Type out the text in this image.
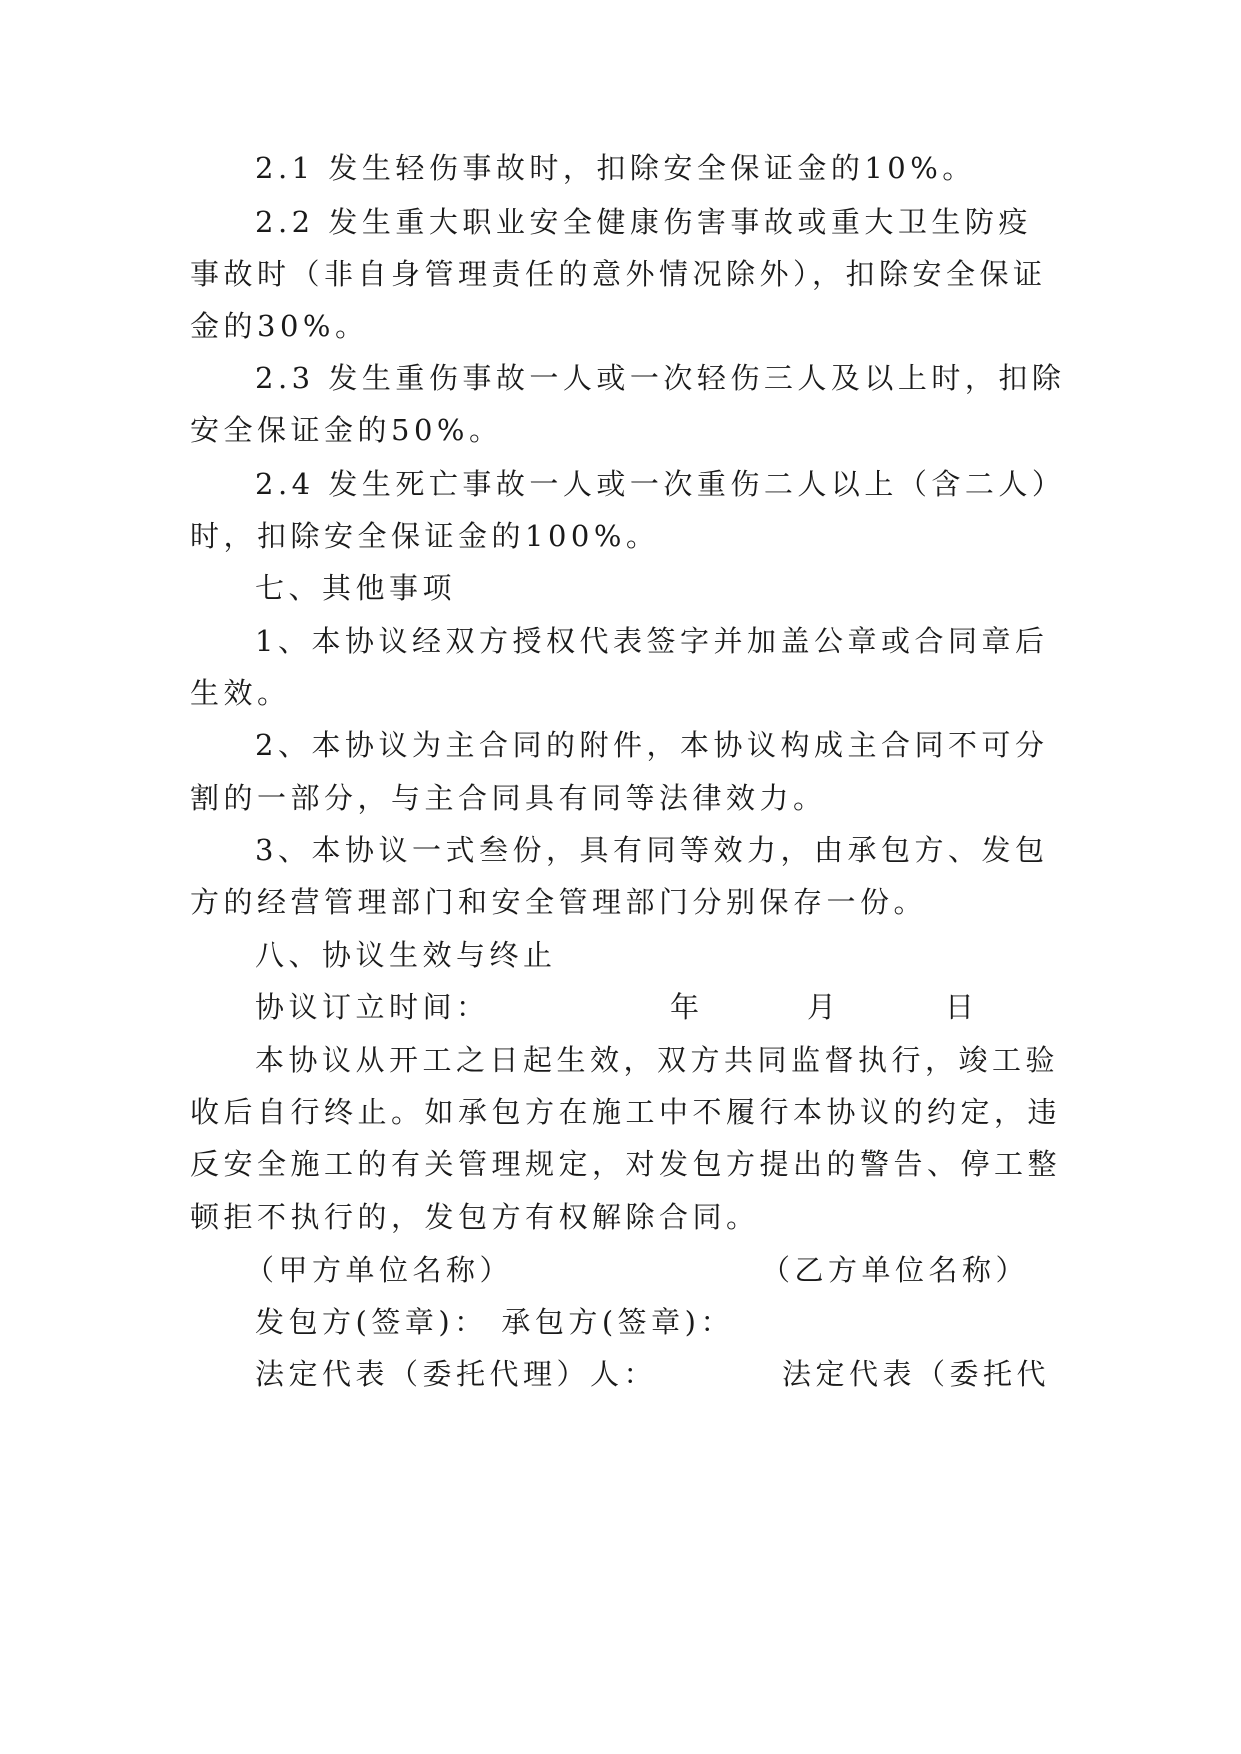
2.1 发生轻伤事故时，扣除安全保证金的10%。
2.2 发生重大职业安全健康伤害事故或重大卫生防疫
事故时（非自身管理责任的意外情况除外），扣除安全保证
金的30%。
2.3 发生重伤事故一人或一次轻伤三人及以上时，扣除
安全保证金的50%。
2.4 发生死亡事故一人或一次重伤二人以上（含二人）
时，扣除安全保证金的100%。
七、其他事项
1、本协议经双方授权代表签字并加盖公章或合同章后
生效。
2、本协议为主合同的附件，本协议构成主合同不可分
割的一部分，与主合同具有同等法律效力。
3、本协议一式叁份，具有同等效力，由承包方、发包
方的经营管理部门和安全管理部门分别保存一份。
八、协议生效与终止
协议订立时间：	年	月	日
本协议从开工之日起生效，双方共同监督执行，竣工验
收后自行终止。如承包方在施工中不履行本协议的约定，违
反安全施工的有关管理规定，对发包方提出的警告、停工整
顿拒不执行的，发包方有权解除合同。
（甲方单位名称）	（乙方单位名称）
发包方(签章)： 承包方(签章)：
法定代表（委托代理）人：	法定代表（委托代
